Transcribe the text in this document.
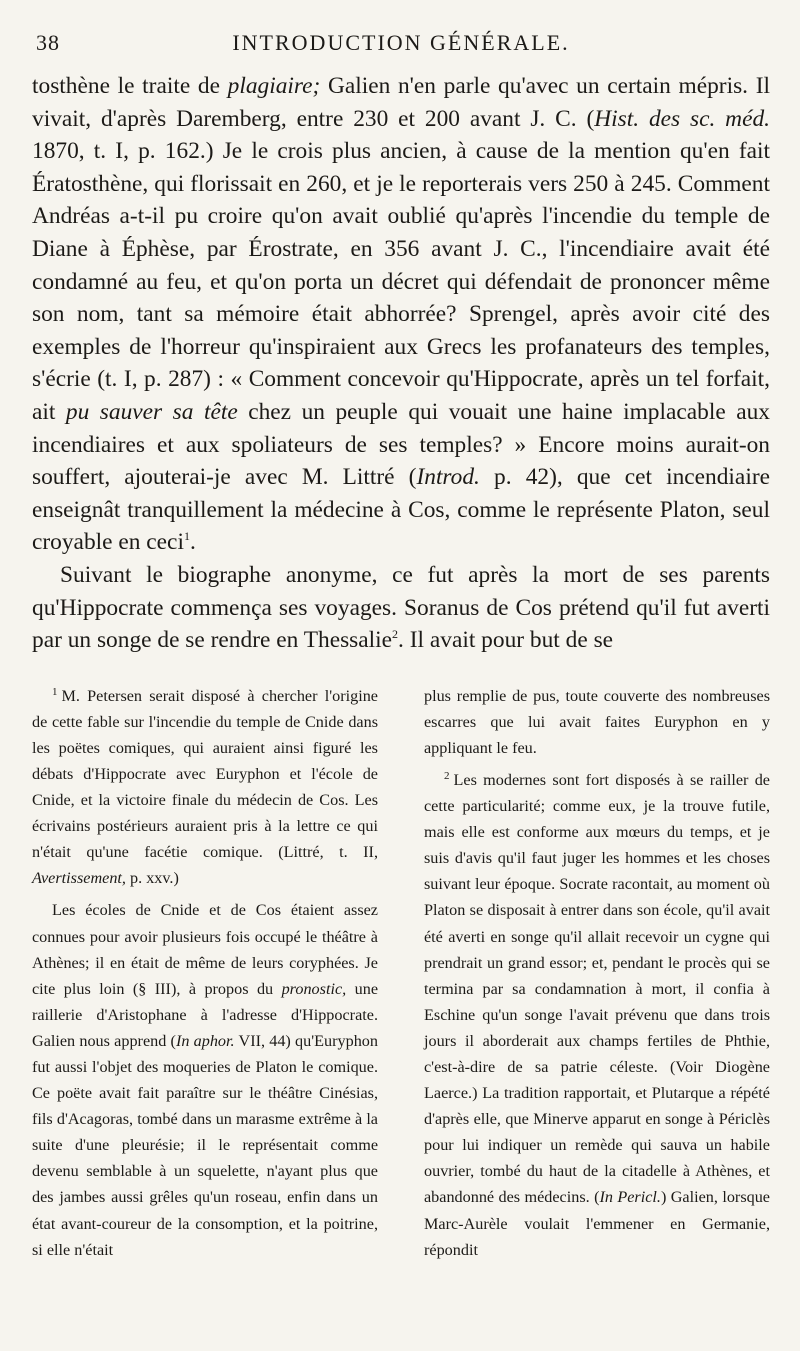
38	INTRODUCTION GÉNÉRALE.

tosthène le traite de plagiaire; Galien n'en parle qu'avec un certain mépris. Il vivait, d'après Daremberg, entre 230 et 200 avant J. C. (Hist. des sc. méd. 1870, t. I, p. 162.) Je le crois plus ancien, à cause de la mention qu'en fait Ératosthène, qui florissait en 260, et je le reporterais vers 250 à 245. Comment Andréas a-t-il pu croire qu'on avait oublié qu'après l'incendie du temple de Diane à Éphèse, par Érostrate, en 356 avant J. C., l'incendiaire avait été condamné au feu, et qu'on porta un décret qui défendait de prononcer même son nom, tant sa mémoire était abhorrée? Sprengel, après avoir cité des exemples de l'horreur qu'inspiraient aux Grecs les profanateurs des temples, s'écrie (t. I, p. 287) : « Comment concevoir qu'Hippocrate, après un tel forfait, ait pu sauver sa tête chez un peuple qui vouait une haine implacable aux incendiaires et aux spoliateurs de ses temples? » Encore moins aurait-on souffert, ajouterai-je avec M. Littré (Introd. p. 42), que cet incendiaire enseignât tranquillement la médecine à Cos, comme le représente Platon, seul croyable en ceci$^1$.

Suivant le biographe anonyme, ce fut après la mort de ses parents qu'Hippocrate commença ses voyages. Soranus de Cos prétend qu'il fut averti par un songe de se rendre en Thessalie$^2$. Il avait pour but de se

$^1$ M. Petersen serait disposé à chercher l'origine de cette fable sur l'incendie du temple de Cnide dans les poëtes comiques, qui auraient ainsi figuré les débats d'Hippocrate avec Euryphon et l'école de Cnide, et la victoire finale du médecin de Cos. Les écrivains postérieurs auraient pris à la lettre ce qui n'était qu'une facétie comique. (Littré, t. II, Avertissement, p. xxv.)

Les écoles de Cnide et de Cos étaient assez connues pour avoir plusieurs fois occupé le théâtre à Athènes; il en était de même de leurs coryphées. Je cite plus loin (§ III), à propos du pronostic, une raillerie d'Aristophane à l'adresse d'Hippocrate. Galien nous apprend (In aphor. VII, 44) qu'Euryphon fut aussi l'objet des moqueries de Platon le comique. Ce poëte avait fait paraître sur le théâtre Cinésias, fils d'Acagoras, tombé dans un marasme extrême à la suite d'une pleurésie; il le représentait comme devenu semblable à un squelette, n'ayant plus que des jambes aussi grêles qu'un roseau, enfin dans un état avant-coureur de la consomption, et la poitrine, si elle n'était

plus remplie de pus, toute couverte des nombreuses escarres que lui avait faites Euryphon en y appliquant le feu.

$^2$ Les modernes sont fort disposés à se railler de cette particularité; comme eux, je la trouve futile, mais elle est conforme aux mœurs du temps, et je suis d'avis qu'il faut juger les hommes et les choses suivant leur époque. Socrate racontait, au moment où Platon se disposait à entrer dans son école, qu'il avait été averti en songe qu'il allait recevoir un cygne qui prendrait un grand essor; et, pendant le procès qui se termina par sa condamnation à mort, il confia à Eschine qu'un songe l'avait prévenu que dans trois jours il aborderait aux champs fertiles de Phthie, c'est-à-dire de sa patrie céleste. (Voir Diogène Laerce.) La tradition rapportait, et Plutarque a répété d'après elle, que Minerve apparut en songe à Périclès pour lui indiquer un remède qui sauva un habile ouvrier, tombé du haut de la citadelle à Athènes, et abandonné des médecins. (In Pericl.) Galien, lorsque Marc-Aurèle voulait l'emmener en Germanie, répondit
